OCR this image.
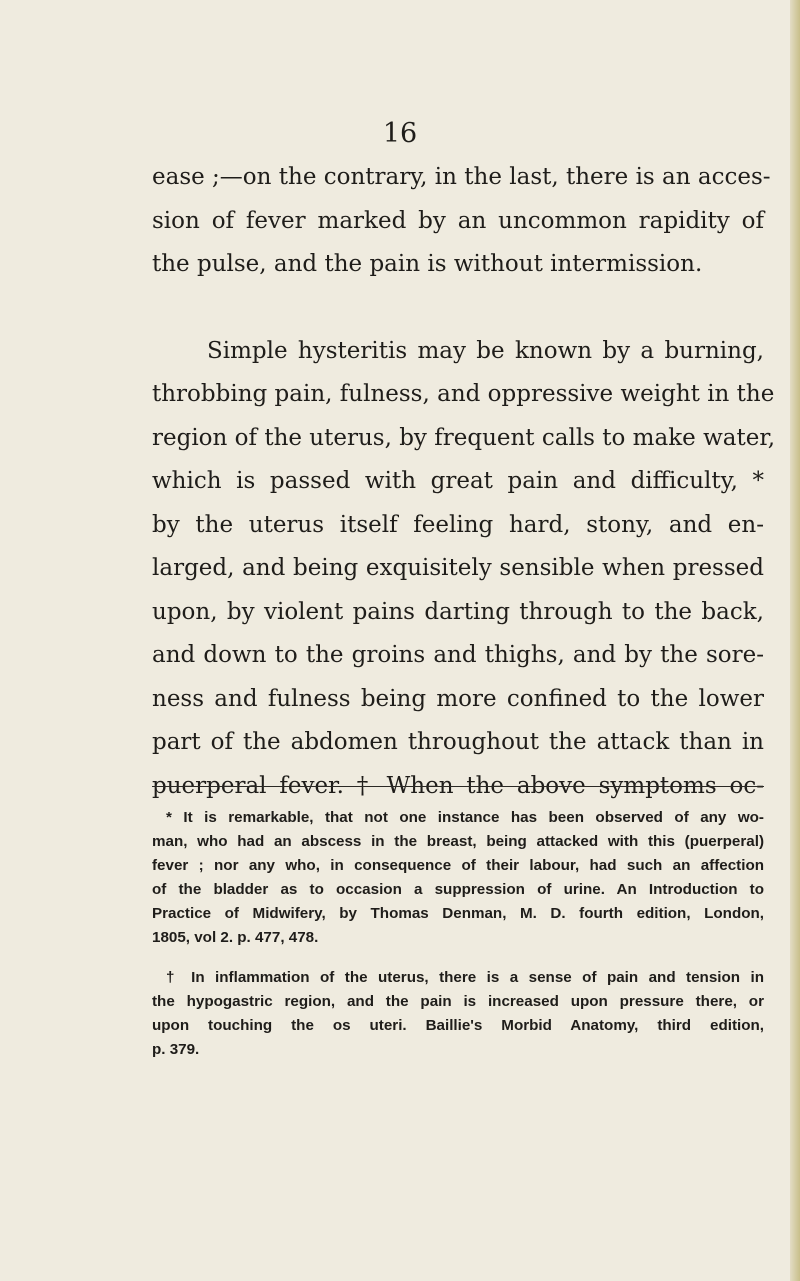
16
ease ;—on the contrary, in the last, there is an acces-
sion of fever marked by an uncommon rapidity of
the pulse, and the pain is without intermission.
Simple hysteritis may be known by a burning,
throbbing pain, fulness, and oppressive weight in the
region of the uterus, by frequent calls to make water,
which is passed with great pain and difficulty, *
by the uterus itself feeling hard, stony, and en-
larged, and being exquisitely sensible when pressed
upon, by violent pains darting through to the back,
and down to the groins and thighs, and by the sore-
ness and fulness being more confined to the lower
part of the abdomen throughout the attack than in
puerperal fever. † When the above symptoms oc-
* It is remarkable, that not one instance has been observed of any wo-
man, who had an abscess in the breast, being attacked with this (puerperal)
fever ; nor any who, in consequence of their labour, had such an affection
of the bladder as to occasion a suppression of urine. An Introduction to
Practice of Midwifery, by Thomas Denman, M. D. fourth edition, London,
1805, vol 2. p. 477, 478.
† In inflammation of the uterus, there is a sense of pain and tension in
the hypogastric region, and the pain is increased upon pressure there, or
upon touching the os uteri. Baillie's Morbid Anatomy, third edition,
p. 379.
